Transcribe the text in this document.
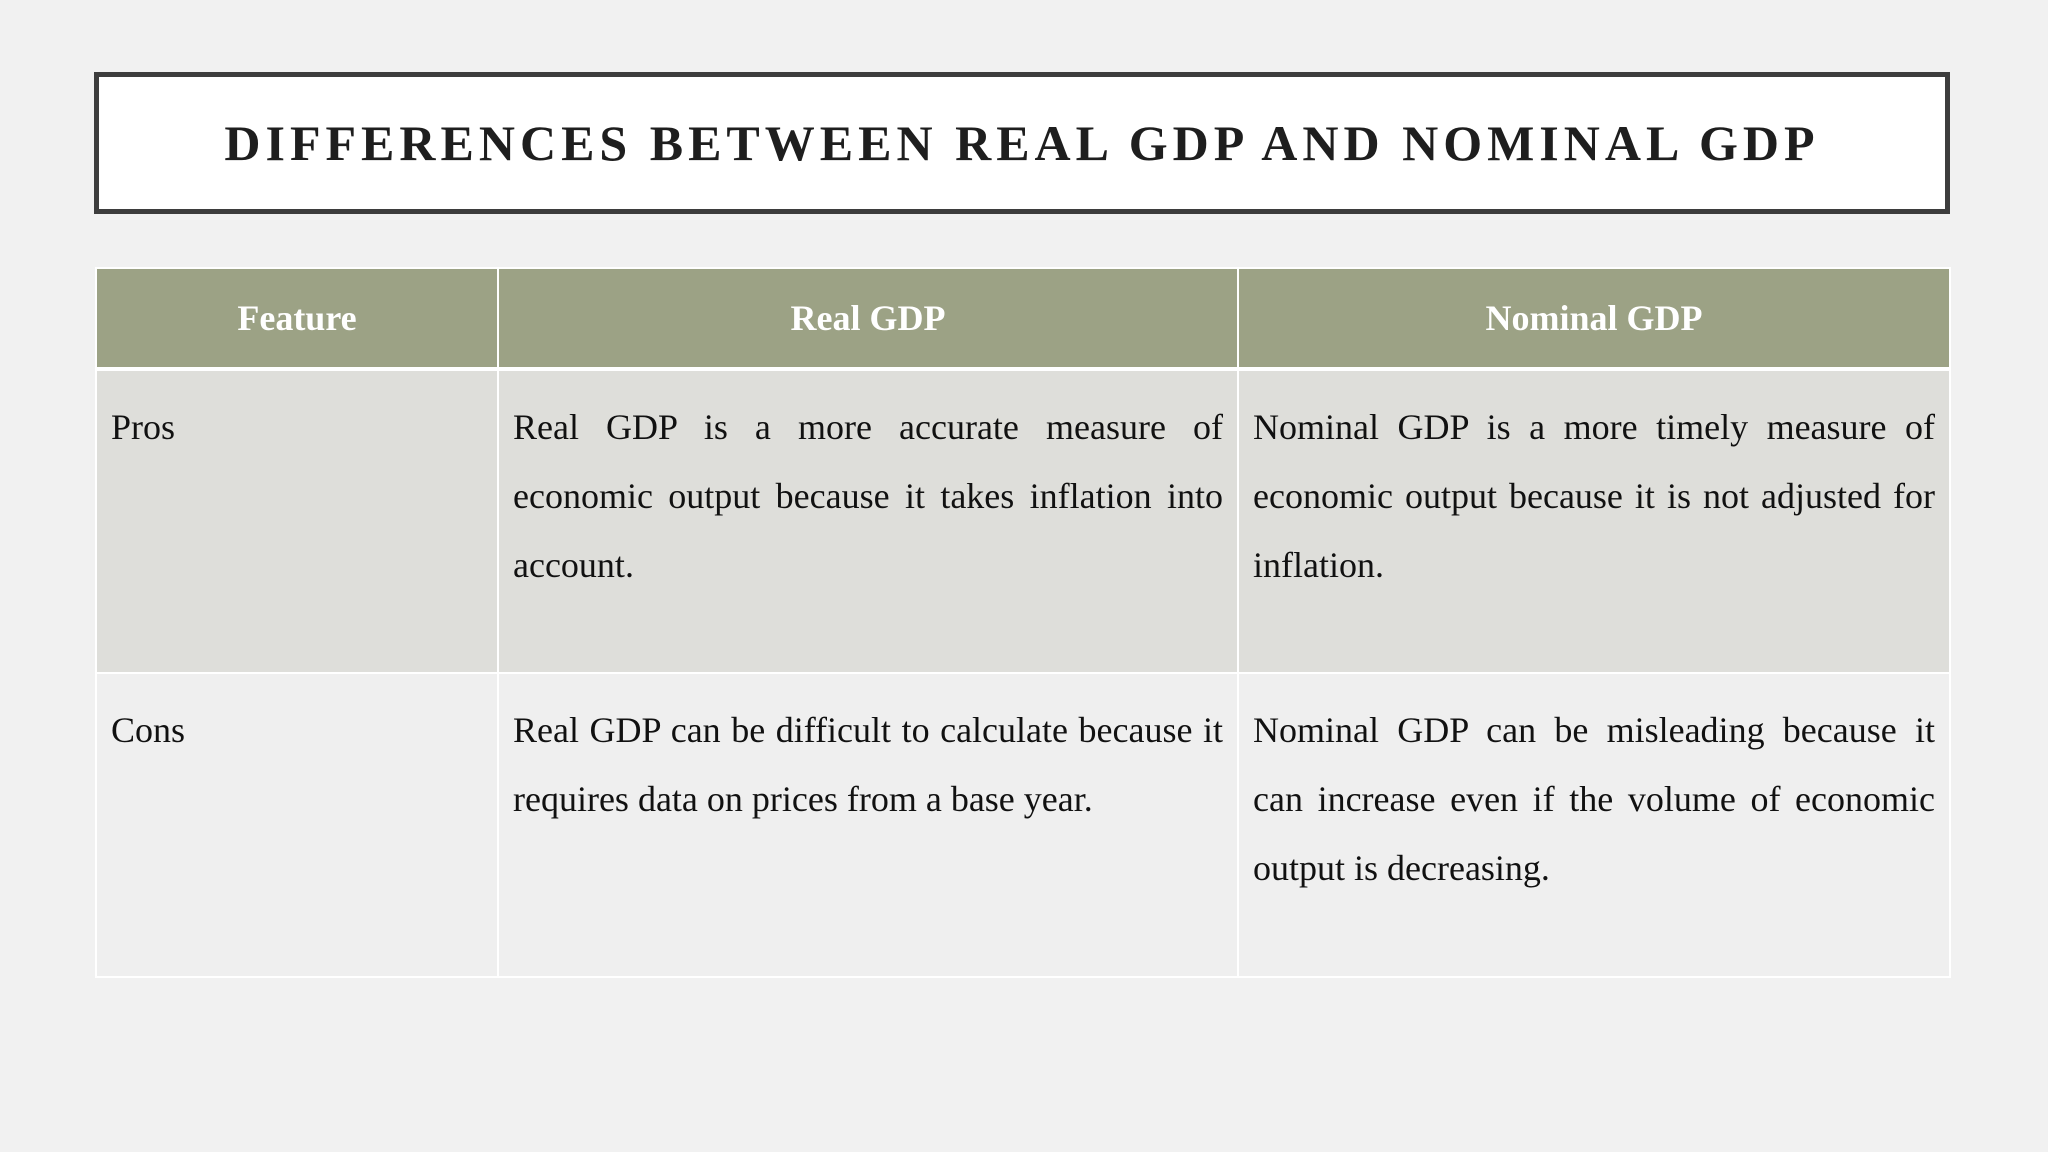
DIFFERENCES BETWEEN REAL GDP AND NOMINAL GDP
Feature	Real GDP	Nominal GDP
Pros	Real GDP is a more accurate measure of economic output because it takes inflation into account.	Nominal GDP is a more timely measure of economic output because it is not adjusted for inflation.
Cons	Real GDP can be difficult to calculate because it requires data on prices from a base year.	Nominal GDP can be misleading because it can increase even if the volume of economic output is decreasing.
